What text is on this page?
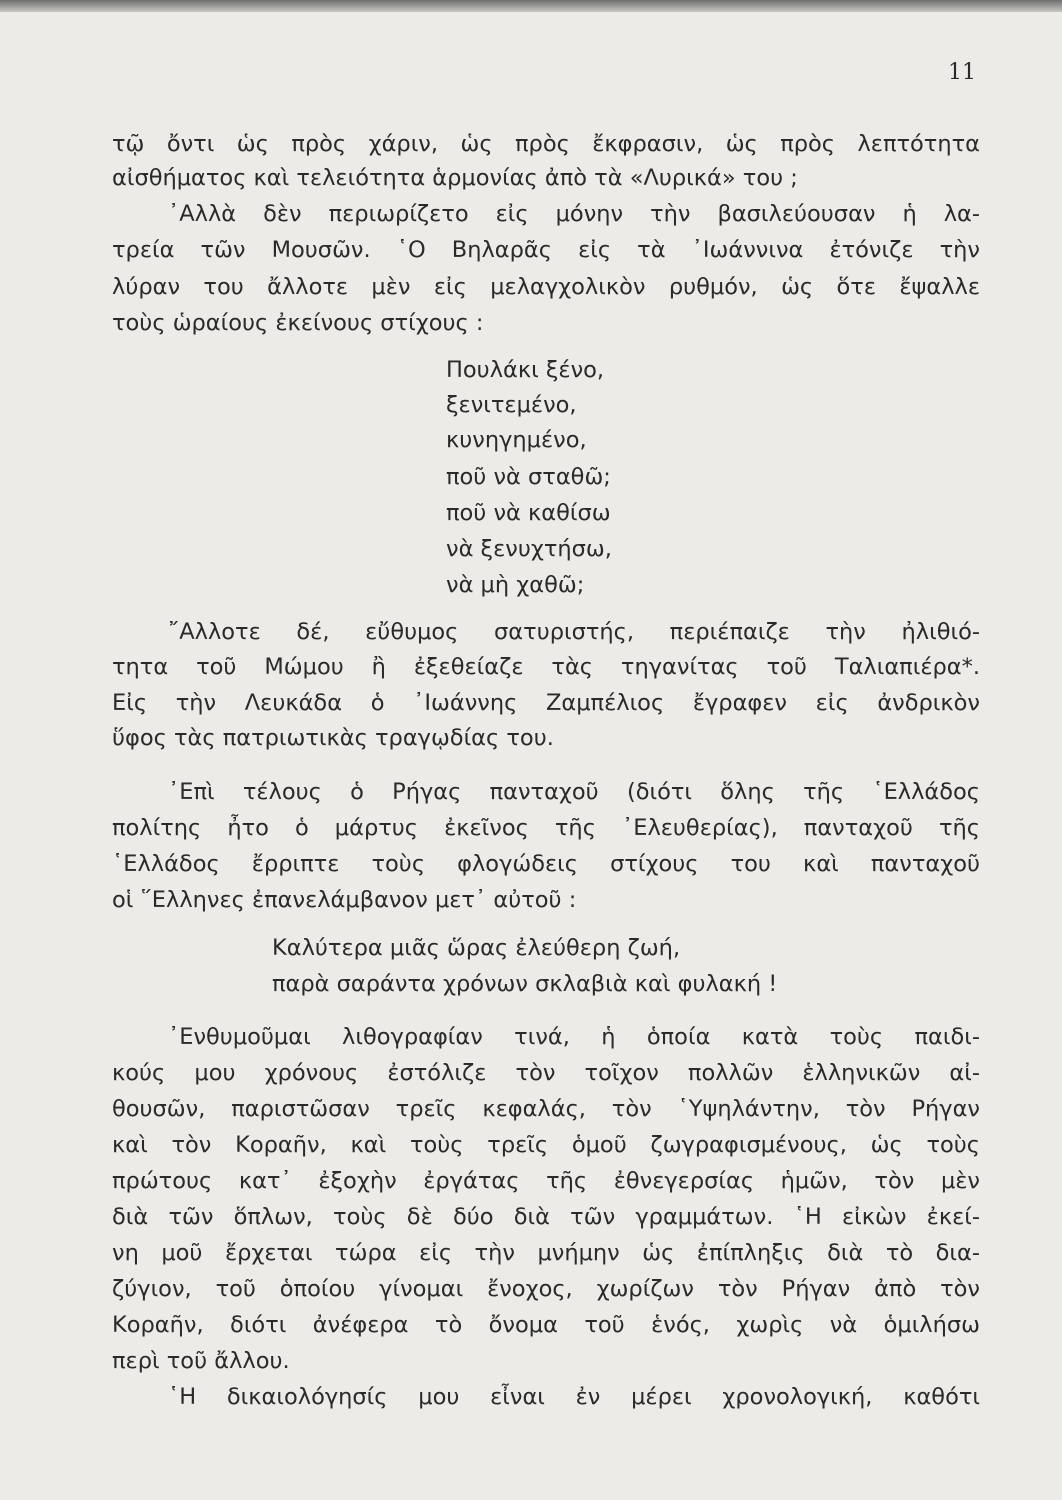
11
τῷ ὄντι ὡς πρὸς χάριν, ὡς πρὸς ἔκφρασιν, ὡς πρὸς λεπτότητα
αἰσθήματος καὶ τελειότητα ἁρμονίας ἀπὸ τὰ «Λυρικά» του ;
᾿Αλλὰ δὲν περιωρίζετο εἰς μόνην τὴν βασιλεύουσαν ἡ λα-
τρεία τῶν Μουσῶν. ῾Ο Βηλαρᾶς εἰς τὰ ᾿Ιωάννινα ἐτόνιζε τὴν
λύραν του ἄλλοτε μὲν εἰς μελαγχολικὸν ρυθμόν, ὡς ὅτε ἔψαλλε
τοὺς ὡραίους ἐκείνους στίχους :
Πουλάκι ξένο,
ξενιτεμένο,
κυνηγημένο,
ποῦ νὰ σταθῶ;
ποῦ νὰ καθίσω
νὰ ξενυχτήσω,
νὰ μὴ χαθῶ;
῎Αλλοτε δέ, εὔθυμος σατυριστής, περιέπαιζε τὴν ἠλιθιό-
τητα τοῦ Μώμου ἢ ἐξεθείαζε τὰς τηγανίτας τοῦ Ταλιαπιέρα*.
Εἰς τὴν Λευκάδα ὁ ᾿Ιωάννης Ζαμπέλιος ἔγραφεν εἰς ἀνδρικὸν
ὕφος τὰς πατριωτικὰς τραγῳδίας του.
᾿Επὶ τέλους ὁ Ρήγας πανταχοῦ (διότι ὅλης τῆς ῾Ελλάδος
πολίτης ἦτο ὁ μάρτυς ἐκεῖνος τῆς ᾿Ελευθερίας), πανταχοῦ τῆς
῾Ελλάδος ἔρριπτε τοὺς φλογώδεις στίχους του καὶ πανταχοῦ
οἱ ῞Ελληνες ἐπανελάμβανον μετ᾿ αὐτοῦ :
Καλύτερα μιᾶς ὥρας ἐλεύθερη ζωή,
παρὰ σαράντα χρόνων σκλαβιὰ καὶ φυλακή !
᾿Ενθυμοῦμαι λιθογραφίαν τινά, ἡ ὁποία κατὰ τοὺς παιδι-
κούς μου χρόνους ἐστόλιζε τὸν τοῖχον πολλῶν ἑλληνικῶν αἰ-
θουσῶν, παριστῶσαν τρεῖς κεφαλάς, τὸν ῾Υψηλάντην, τὸν Ρήγαν
καὶ τὸν Κοραῆν, καὶ τοὺς τρεῖς ὁμοῦ ζωγραφισμένους, ὡς τοὺς
πρώτους κατ᾿ ἐξοχὴν ἐργάτας τῆς ἐθνεγερσίας ἡμῶν, τὸν μὲν
διὰ τῶν ὅπλων, τοὺς δὲ δύο διὰ τῶν γραμμάτων. ῾Η εἰκὼν ἐκεί-
νη μοῦ ἔρχεται τώρα εἰς τὴν μνήμην ὡς ἐπίπληξις διὰ τὸ δια-
ζύγιον, τοῦ ὁποίου γίνομαι ἔνοχος, χωρίζων τὸν Ρήγαν ἀπὸ τὸν
Κοραῆν, διότι ἀνέφερα τὸ ὄνομα τοῦ ἑνός, χωρὶς νὰ ὁμιλήσω
περὶ τοῦ ἄλλου.
῾Η δικαιολόγησίς μου εἶναι ἐν μέρει χρονολογική, καθότι
